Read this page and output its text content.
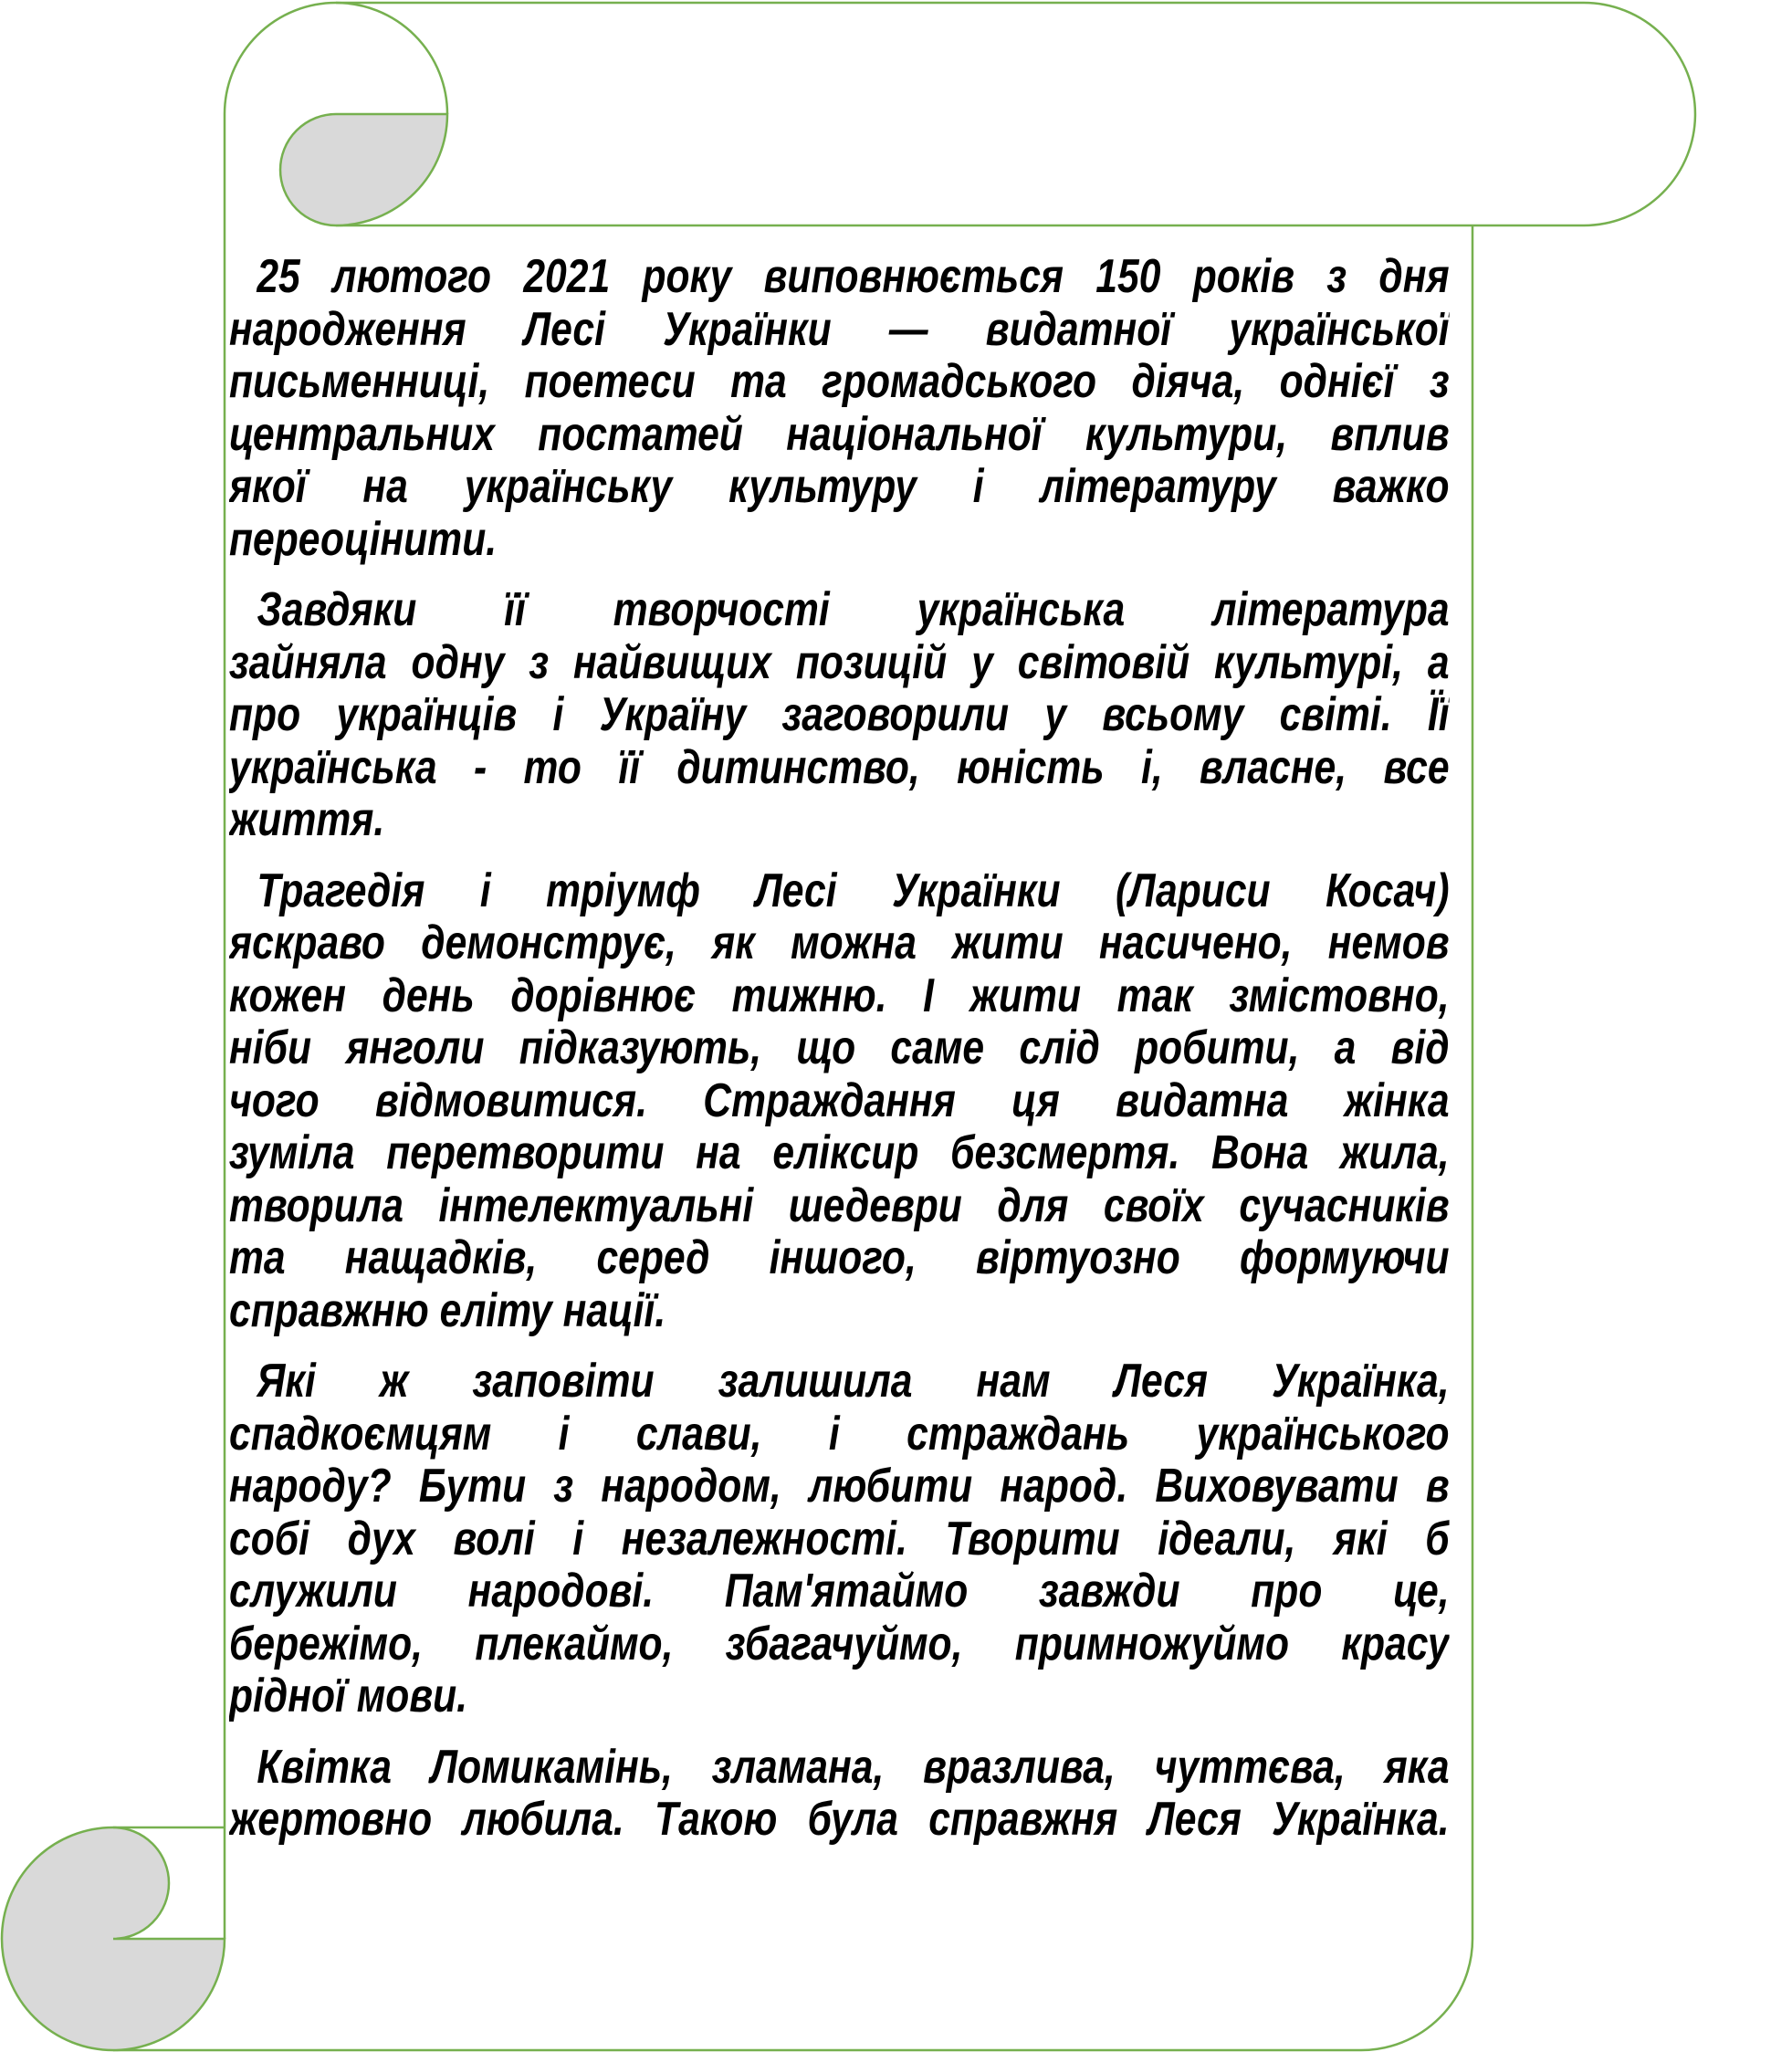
25 лютого 2021 року виповнюється 150 років з дня
народження Лесі Українки — видатної української
письменниці, поетеси та громадського діяча, однієї з
центральних постатей національної культури, вплив
якої на українську культуру і літературу важко
переоцінити.
Завдяки її творчості українська література
зайняла одну з найвищих позицій у світовій культурі, а
про українців і Україну заговорили у всьому світі. Її
українська - то її дитинство, юність і, власне, все
життя.
Трагедія і тріумф Лесі Українки (Лариси Косач)
яскраво демонструє, як можна жити насичено, немов
кожен день дорівнює тижню. І жити так змістовно,
ніби янголи підказують, що саме слід робити, а від
чого відмовитися. Страждання ця видатна жінка
зуміла перетворити на еліксир безсмертя. Вона жила,
творила інтелектуальні шедеври для своїх сучасників
та нащадків, серед іншого, віртуозно формуючи
справжню еліту нації.
Які ж заповіти залишила нам Леся Українка,
спадкоємцям і слави, і страждань українського
народу? Бути з народом, любити народ. Виховувати в
собі дух волі і незалежності. Творити ідеали, які б
служили народові. Пам'ятаймо завжди про це,
бережімо, плекаймо, збагачуймо, примножуймо красу
рідної мови.
Квітка Ломикамінь, зламана, вразлива, чуттєва, яка
жертовно любила. Такою була справжня Леся Українка.
